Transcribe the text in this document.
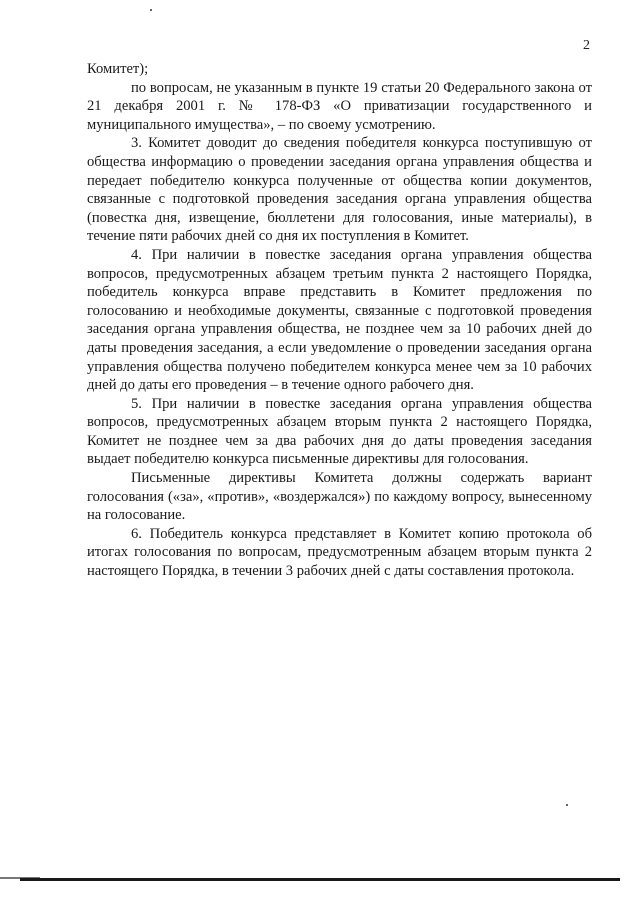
2

Комитет);

по вопросам, не указанным в пункте 19 статьи 20 Федерального закона от 21 декабря 2001 г. № 178-ФЗ «О приватизации государственного и муниципального имущества», – по своему усмотрению.

3. Комитет доводит до сведения победителя конкурса поступившую от общества информацию о проведении заседания органа управления общества и передает победителю конкурса полученные от общества копии документов, связанные с подготовкой проведения заседания органа управления общества (повестка дня, извещение, бюллетени для голосования, иные материалы), в течение пяти рабочих дней со дня их поступления в Комитет.

4. При наличии в повестке заседания органа управления общества вопросов, предусмотренных абзацем третьим пункта 2 настоящего Порядка, победитель конкурса вправе представить в Комитет предложения по голосованию и необходимые документы, связанные с подготовкой проведения заседания органа управления общества, не позднее чем за 10 рабочих дней до даты проведения заседания, а если уведомление о проведении заседания органа управления общества получено победителем конкурса менее чем за 10 рабочих дней до даты его проведения – в течение одного рабочего дня.

5. При наличии в повестке заседания органа управления общества вопросов, предусмотренных абзацем вторым пункта 2 настоящего Порядка, Комитет не позднее чем за два рабочих дня до даты проведения заседания выдает победителю конкурса письменные директивы для голосования.

Письменные директивы Комитета должны содержать вариант голосования («за», «против», «воздержался») по каждому вопросу, вынесенному на голосование.

6. Победитель конкурса представляет в Комитет копию протокола об итогах голосования по вопросам, предусмотренным абзацем вторым пункта 2 настоящего Порядка, в течении 3 рабочих дней с даты составления протокола.
